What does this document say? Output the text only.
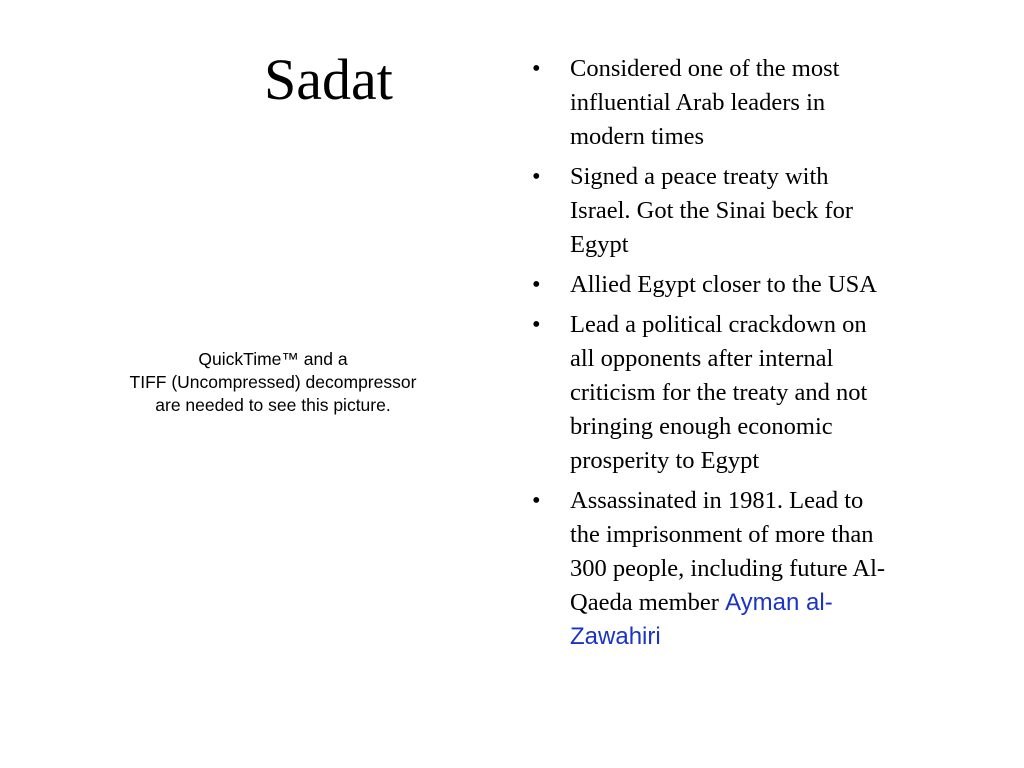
Sadat
QuickTime™ and a
TIFF (Uncompressed) decompressor
are needed to see this picture.
• Considered one of the most
influential Arab leaders in
modern times
• Signed a peace treaty with
Israel. Got the Sinai beck for
Egypt
• Allied Egypt closer to the USA
• Lead a political crackdown on
all opponents after internal
criticism for the treaty and not
bringing enough economic
prosperity to Egypt
• Assassinated in 1981. Lead to
the imprisonment of more than
300 people, including future Al-
Qaeda member Ayman al-
Zawahiri
